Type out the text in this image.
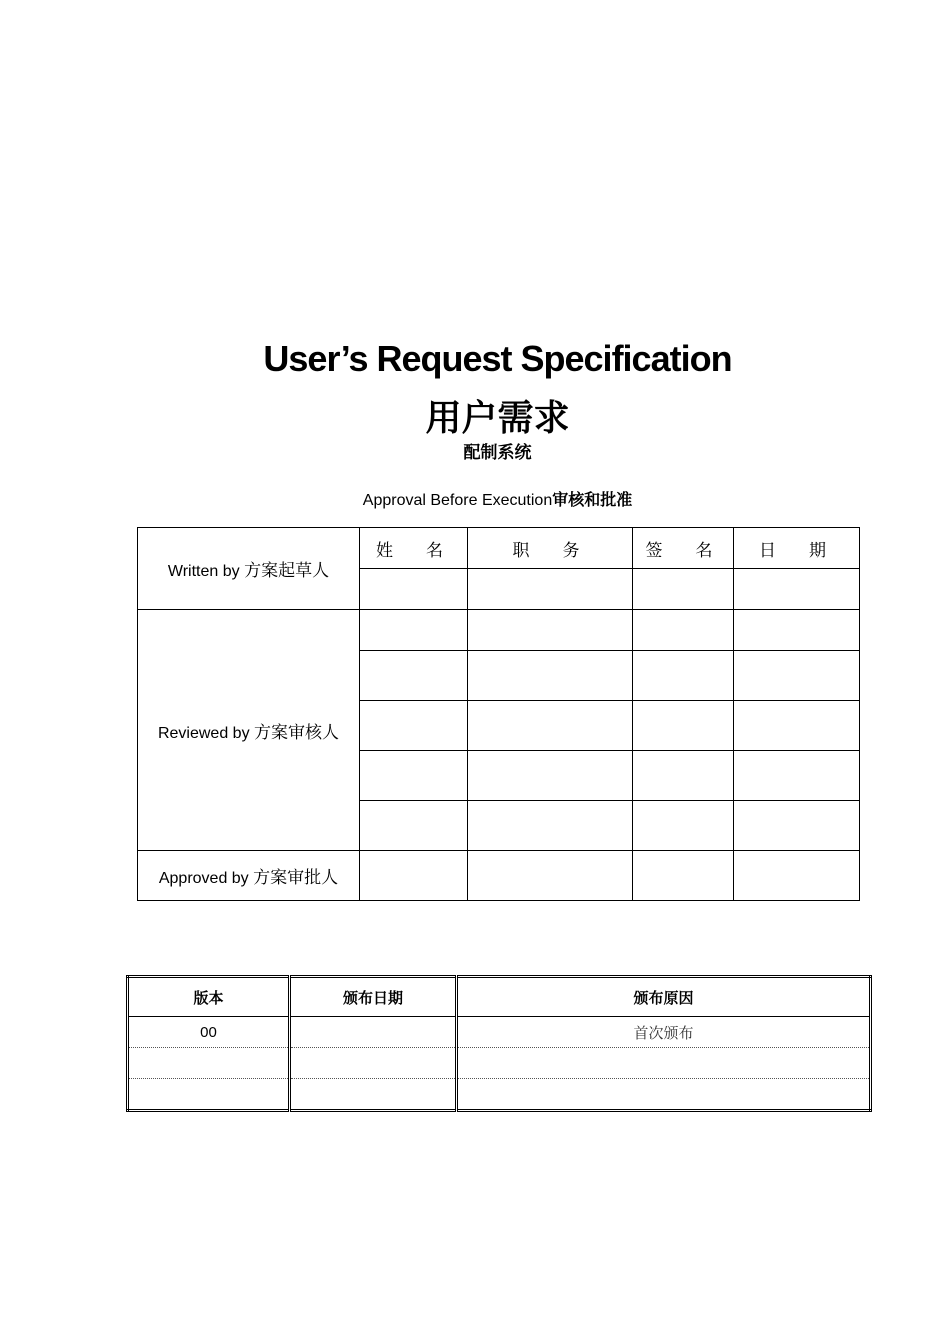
User’s Request Specification
用户需求
配制系统
Approval Before Execution审核和批准
Written by 方案起草人	姓　名	职　务	签　名	日　期

Reviewed by 方案审核人				

Approved by 方案审批人				
版本	颁布日期	颁布原因
00		首次颁布
